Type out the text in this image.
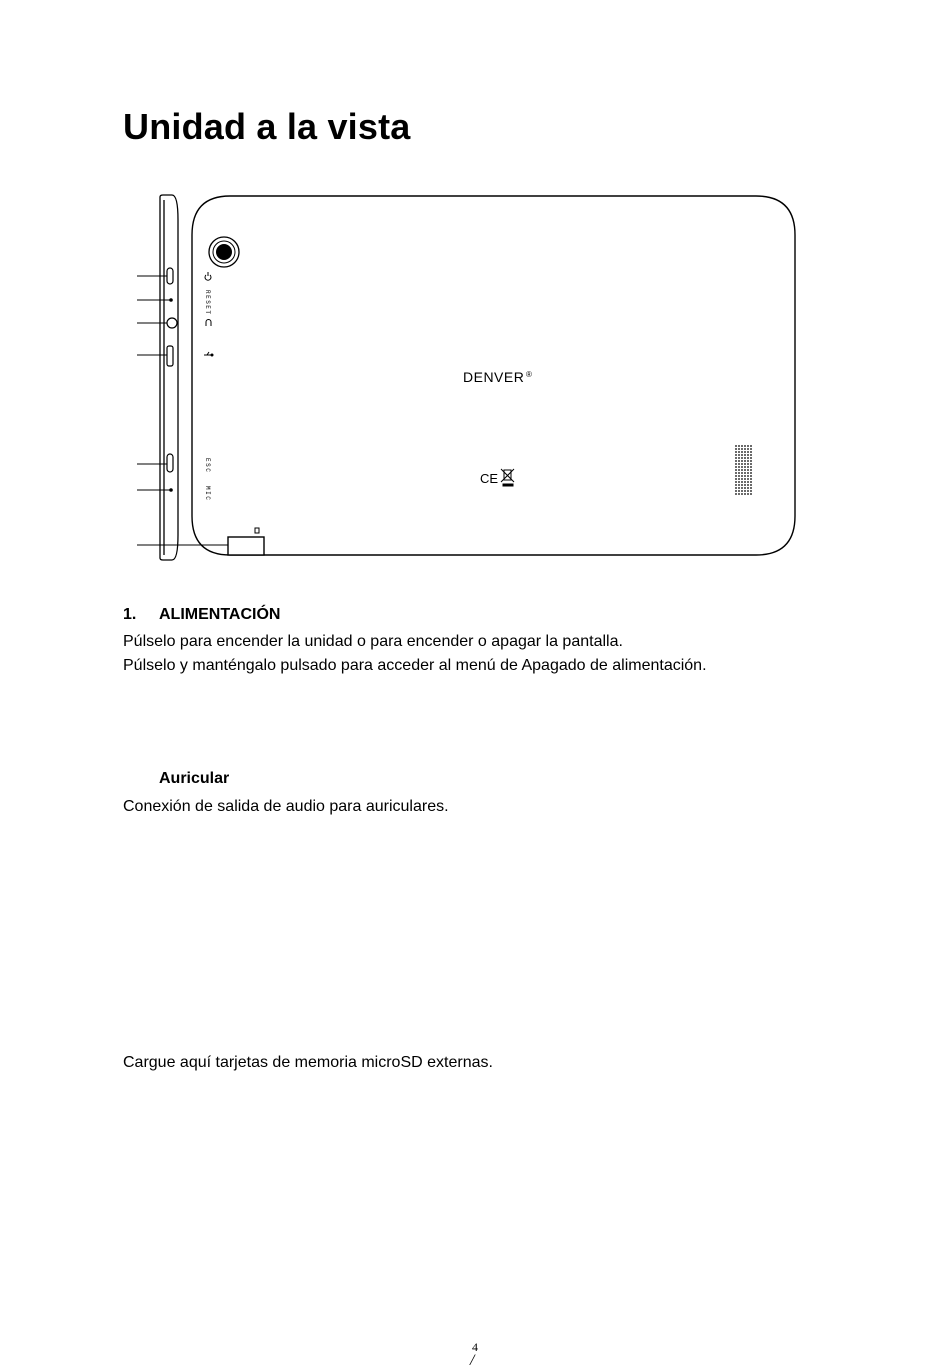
Unidad a la vista
RESET
ESC
MIC
DENVER ®
CE
1. ALIMENTACIÓN
Púlselo para encender la unidad o para encender o apagar la pantalla.
Púlselo y manténgalo pulsado para acceder al menú de Apagado de alimentación.
Auricular
Conexión de salida de audio para auriculares.
Cargue aquí tarjetas de memoria microSD externas.
4
/
